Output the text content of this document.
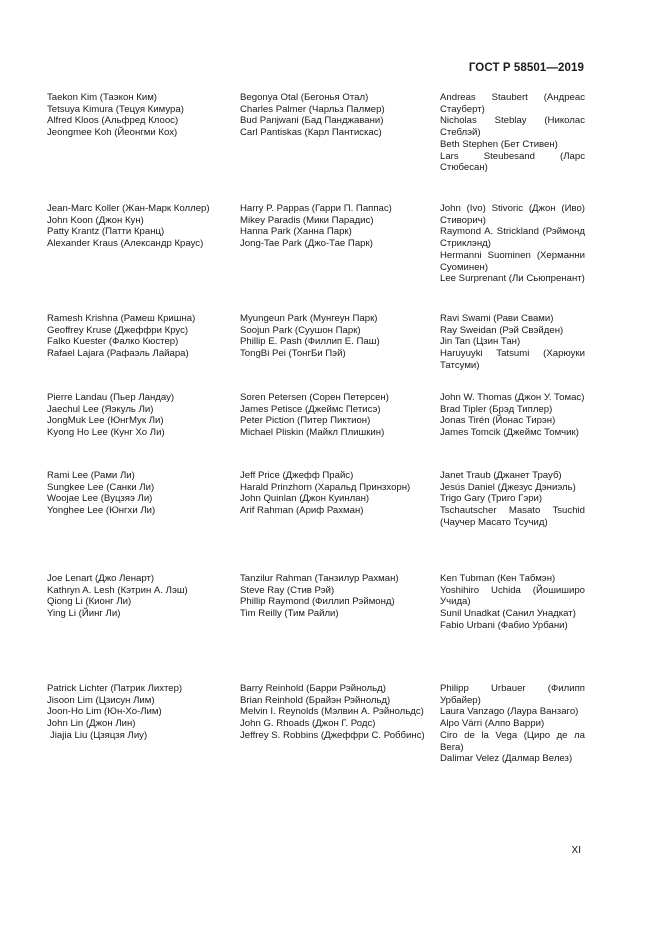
ГОСТ Р 58501—2019
Taekon Kim (Таэкон Ким)
Tetsuya Kimura (Тецуя Кимура)
Alfred Kloos (Альфред Клоос)
Jeongmee Koh (Йеонгми Кох)
Begonya Otal (Бегонья Отал)
Charles Palmer (Чарльз Палмер)
Bud Panjwani (Бад Панджавани)
Carl Pantiskas (Карл Пантискас)
Andreas Staubert (Андреас Стауберт)
Nicholas Steblay (Николас Стеблэй)
Beth Stephen (Бет Стивен)
Lars Steubesand (Ларс Стюбесан)
Jean-Marc Koller (Жан-Марк Коллер)
John Koon (Джон Кун)
Patty Krantz (Патти Кранц)
Alexander Kraus (Александр Краус)
Harry P. Pappas (Гарри П. Паппас)
Mikey Paradis (Мики Парадис)
Hanna Park (Ханна Парк)
Jong-Tae Park (Джо-Тае Парк)
John (Ivo) Stivoric (Джон (Иво) Стиворич)
Raymond A. Strickland (Рэймонд Стриклэнд)
Hermanni Suominen (Херманни Суоминен)
Lee Surprenant (Ли Сьюпренант)
Ramesh Krishna (Рамеш Кришна)
Geoffrey Kruse (Джеффри Крус)
Falko Kuester (Фалко Кюстер)
Rafael Lajara (Рафаэль Лайара)
Myungeun Park (Мунгеун Парк)
Soojun Park (Суушон Парк)
Phillip E. Pash (Филлип Е. Паш)
TongBi Pei (ТонгБи Пэй)
Ravi Swami (Рави Свами)
Ray Sweidan (Рэй Свэйден)
Jin Tan (Цзин Тан)
Haruyuyki Tatsumi (Харюуки Татсуми)
Pierre Landau (Пьер Ландау)
Jaechul Lee (Яэкуль Ли)
JongMuk Lee (ЮнгМук Ли)
Kyong Ho Lee (Кунг Хо Ли)
Soren Petersen (Сорен Петерсен)
James Petisce (Джеймс Петисэ)
Peter Piction (Питер Пиктион)
Michael Pliskin (Майкл Плишкин)
John W. Thomas (Джон У. Томас)
Brad Tipler (Брэд Типлер)
Jonas Tirén (Йонас Тирэн)
James Tomcik (Джеймс Томчик)
Rami Lee (Рами Ли)
Sungkee Lee (Санки Ли)
Woojae Lee (Вуцзяэ Ли)
Yonghee Lee (Юнгхи Ли)
Jeff Price (Джефф Прайс)
Harald Prinzhorn (Харальд Принзхорн)
John Quinlan (Джон Куинлан)
Arif Rahman (Ариф Рахман)
Janet Traub (Джанет Трауб)
Jesús Daniel (Джезус Дэниэль)
Trigo Gary (Триго Гэри)
Tschautscher Masato Tsuchid (Чаучер Масато Тсучид)
Joe Lenart (Джо Ленарт)
Kathryn A. Lesh (Кэтрин А. Лэш)
Qiong Li (Кионг Ли)
Ying Li (Йинг Ли)
Tanzilur Rahman (Танзилур Рахман)
Steve Ray (Стив Рэй)
Phillip Raymond (Филлип Рэймонд)
Tim Reilly (Тим Райли)
Ken Tubman (Кен Табмэн)
Yoshihiro Uchida (Йошиширо Учида)
Sunil Unadkat (Санил Унадкат)
Fabio Urbani (Фабио Урбани)
Patrick Lichter (Патрик Лихтер)
Jisoon Lim (Цзисун Лим)
Joon-Ho Lim (Юн-Хо-Лим)
John Lin (Джон Лин)
Jiajia Liu (Цзяцзя Лиу)
Barry Reinhold (Барри Рэйнольд)
Brian Reinhold (Брайэн Рэйнольд)
Melvin I. Reynolds (Мэлвин А. Рэйнольдс)
John G. Rhoads (Джон Г. Родс)
Jeffrey S. Robbins (Джеффри С. Роббинс)
Philipp Urbauer (Филипп Урбайер)
Laura Vanzago (Лаура Ванзаго)
Alpo Värri (Алпо Варри)
Ciro de la Vega (Циро де ла Вега)
Dalimar Velez (Далмар Велез)
XI
